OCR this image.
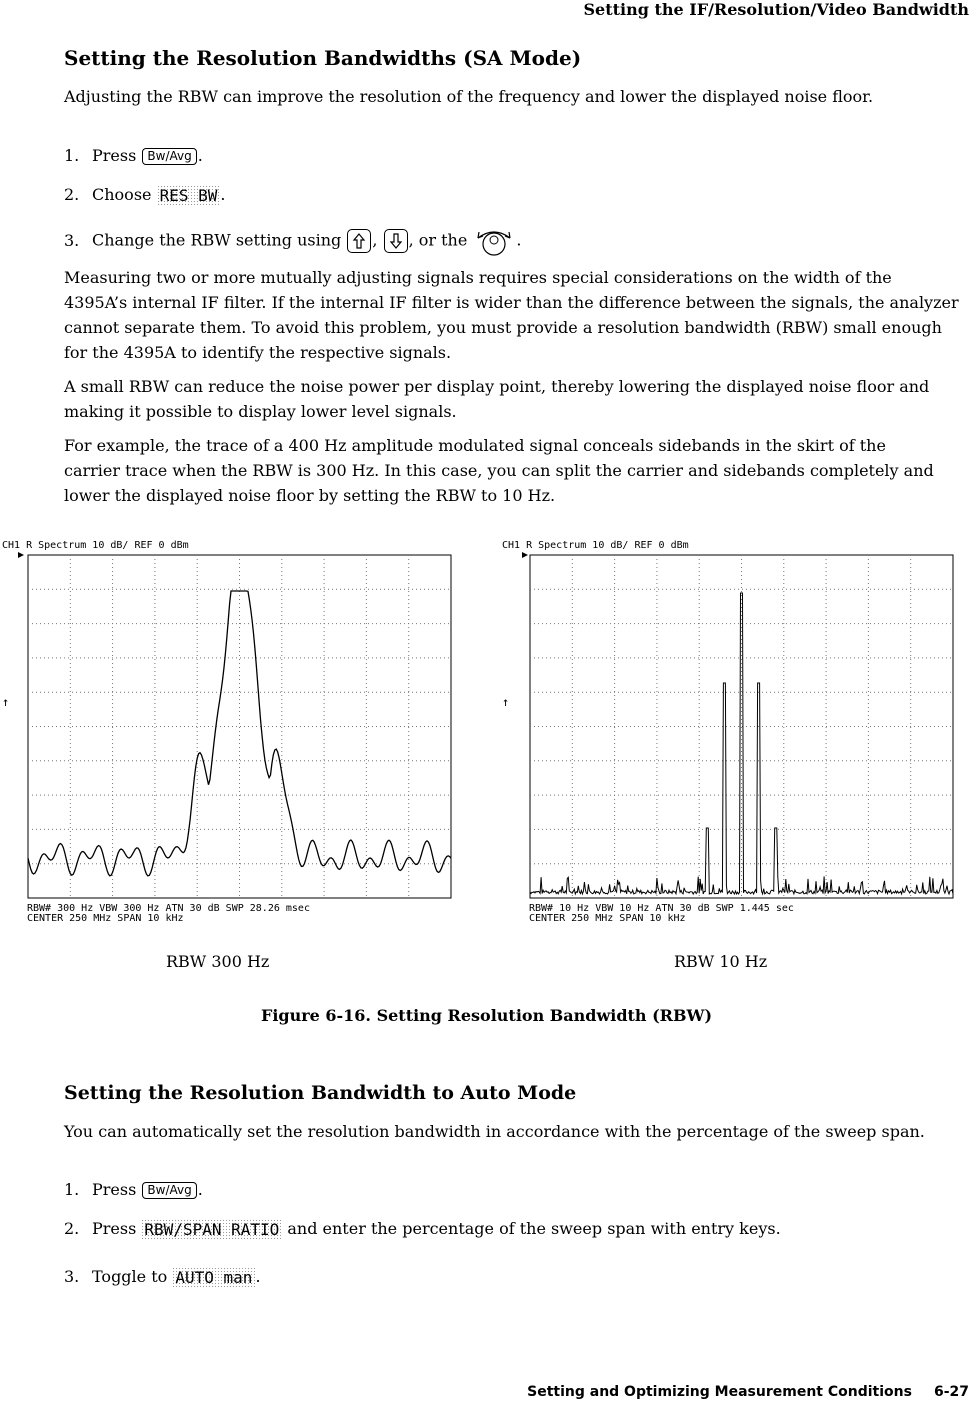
Setting the IF/Resolution/Video Bandwidth
Setting the Resolution Bandwidths (SA Mode)
Adjusting the RBW can improve the resolution of the frequency and lower the displayed noise floor.
1. Press Bw/Avg .
2. Choose RES BW .
3. Change the RBW setting using , , or the	.
Measuring two or more mutually adjusting signals requires special considerations on the width of the 4395A’s internal IF filter. If the internal IF filter is wider than the difference between the signals, the analyzer cannot separate them. To avoid this problem, you must provide a resolution bandwidth (RBW) small enough for the 4395A to identify the respective signals.
A small RBW can reduce the noise power per display point, thereby lowering the displayed noise floor and making it possible to display lower level signals.
For example, the trace of a 400 Hz amplitude modulated signal conceals sidebands in the skirt of the carrier trace when the RBW is 300 Hz. In this case, you can split the carrier and sidebands completely and lower the displayed noise floor by setting the RBW to 10 Hz.
CH1 R Spectrum 10 dB/ REF 0 dBm
↑
RBW# 300 Hz VBW 300 Hz ATN 30 dB SWP 28.26 msec
CENTER 250 MHz SPAN 10 kHz
CH1 R Spectrum 10 dB/ REF 0 dBm
↑
RBW# 10 Hz VBW 10 Hz ATN 30 dB SWP 1.445 sec
CENTER 250 MHz SPAN 10 kHz
RBW 300 Hz	RBW 10 Hz
Figure 6-16. Setting Resolution Bandwidth (RBW)
Setting the Resolution Bandwidth to Auto Mode
You can automatically set the resolution bandwidth in accordance with the percentage of the sweep span.
1. Press Bw/Avg .
2. Press RBW/SPAN RATIO and enter the percentage of the sweep span with entry keys.
3. Toggle to AUTO man .
Setting and Optimizing Measurement Conditions 6-27
